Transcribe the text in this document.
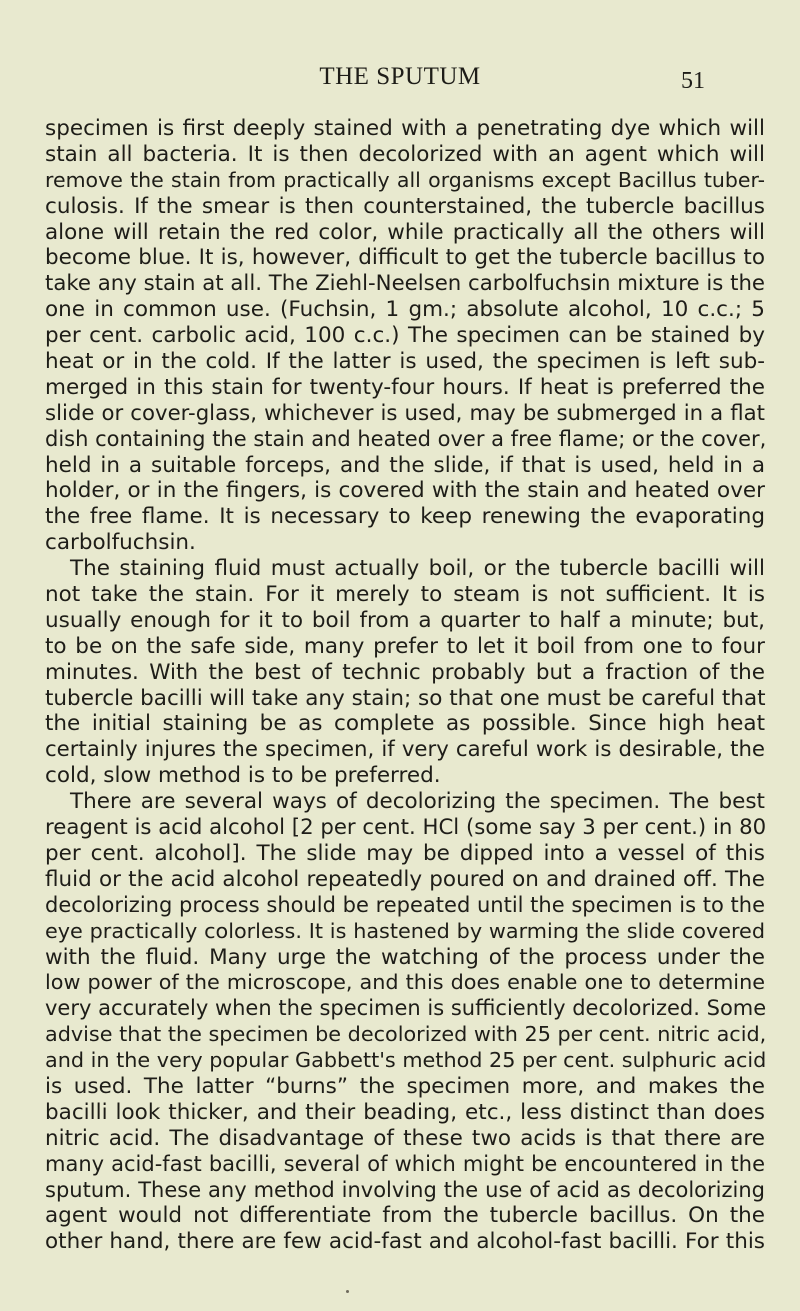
THE SPUTUM	51
specimen is first deeply stained with a penetrating dye which will
stain all bacteria. It is then decolorized with an agent which will
remove the stain from practically all organisms except Bacillus tuber-
culosis. If the smear is then counterstained, the tubercle bacillus
alone will retain the red color, while practically all the others will
become blue. It is, however, difficult to get the tubercle bacillus to
take any stain at all. The Ziehl-Neelsen carbolfuchsin mixture is the
one in common use. (Fuchsin, 1 gm.; absolute alcohol, 10 c.c.; 5
per cent. carbolic acid, 100 c.c.) The specimen can be stained by
heat or in the cold. If the latter is used, the specimen is left sub-
merged in this stain for twenty-four hours. If heat is preferred the
slide or cover-glass, whichever is used, may be submerged in a flat
dish containing the stain and heated over a free flame; or the cover,
held in a suitable forceps, and the slide, if that is used, held in a
holder, or in the fingers, is covered with the stain and heated over
the free flame. It is necessary to keep renewing the evaporating
carbolfuchsin.
The staining fluid must actually boil, or the tubercle bacilli will
not take the stain. For it merely to steam is not sufficient. It is
usually enough for it to boil from a quarter to half a minute; but,
to be on the safe side, many prefer to let it boil from one to four
minutes. With the best of technic probably but a fraction of the
tubercle bacilli will take any stain; so that one must be careful that
the initial staining be as complete as possible. Since high heat
certainly injures the specimen, if very careful work is desirable, the
cold, slow method is to be preferred.
There are several ways of decolorizing the specimen. The best
reagent is acid alcohol [2 per cent. HCl (some say 3 per cent.) in 80
per cent. alcohol]. The slide may be dipped into a vessel of this
fluid or the acid alcohol repeatedly poured on and drained off. The
decolorizing process should be repeated until the specimen is to the
eye practically colorless. It is hastened by warming the slide covered
with the fluid. Many urge the watching of the process under the
low power of the microscope, and this does enable one to determine
very accurately when the specimen is sufficiently decolorized. Some
advise that the specimen be decolorized with 25 per cent. nitric acid,
and in the very popular Gabbett's method 25 per cent. sulphuric acid
is used. The latter “burns” the specimen more, and makes the
bacilli look thicker, and their beading, etc., less distinct than does
nitric acid. The disadvantage of these two acids is that there are
many acid-fast bacilli, several of which might be encountered in the
sputum. These any method involving the use of acid as decolorizing
agent would not differentiate from the tubercle bacillus. On the
other hand, there are few acid-fast and alcohol-fast bacilli. For this
